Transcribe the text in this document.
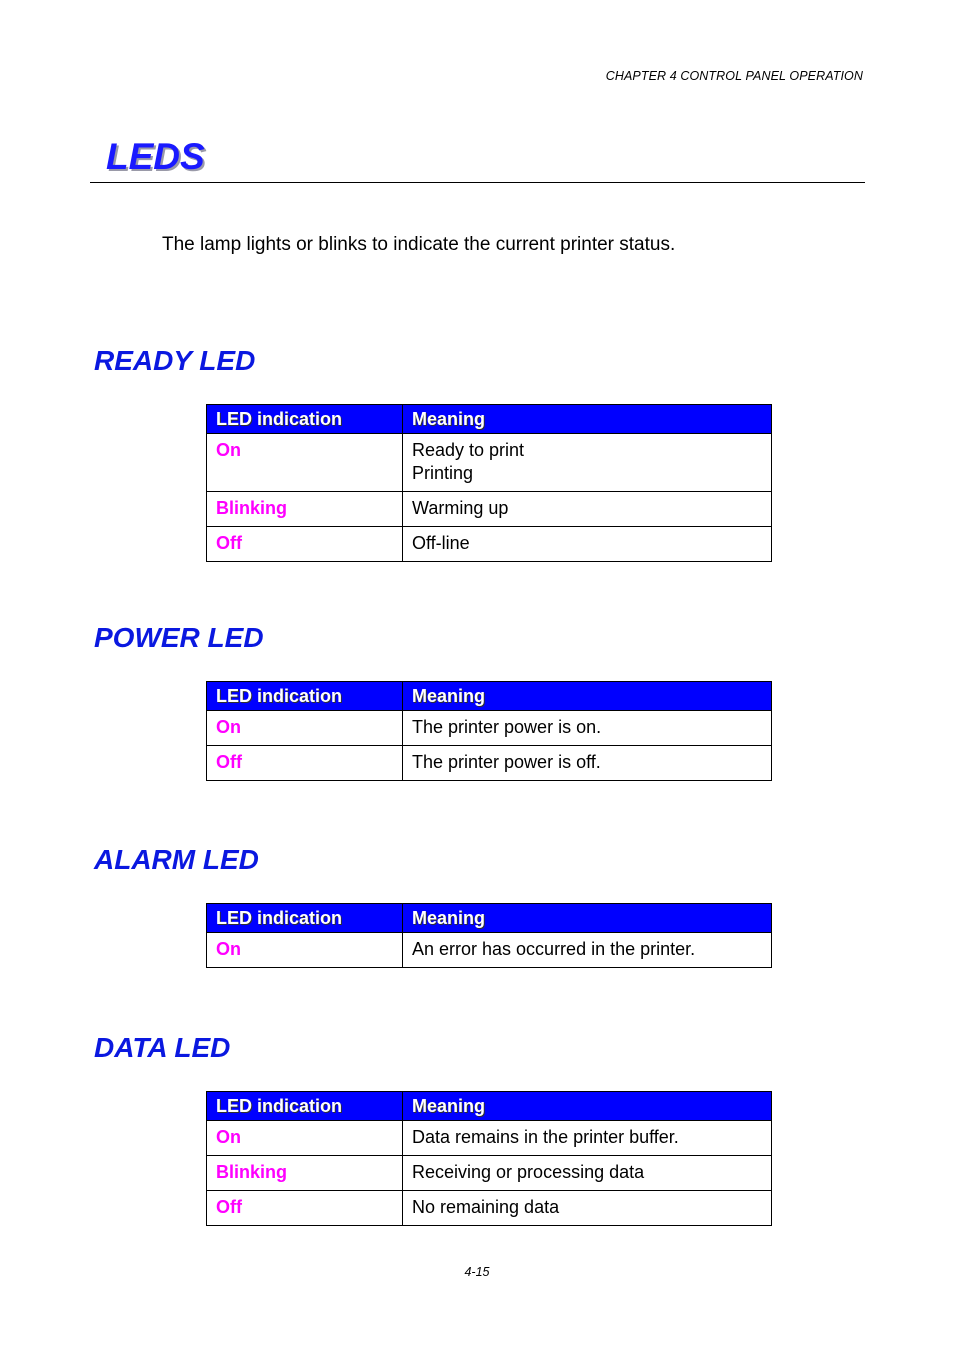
CHAPTER 4 CONTROL PANEL OPERATION
LEDS

The lamp lights or blinks to indicate the current printer status.

READY LED
LED indication	Meaning
On	Ready to print
Printing

Blinking	Warming up
Off	Off-line
POWER LED
LED indication	Meaning
On	The printer power is on.
Off	The printer power is off.
ALARM LED
LED indication	Meaning
On	An error has occurred in the printer.
DATA LED
LED indication	Meaning
On	Data remains in the printer buffer.
Blinking	Receiving or processing data
Off	No remaining data
4-15
